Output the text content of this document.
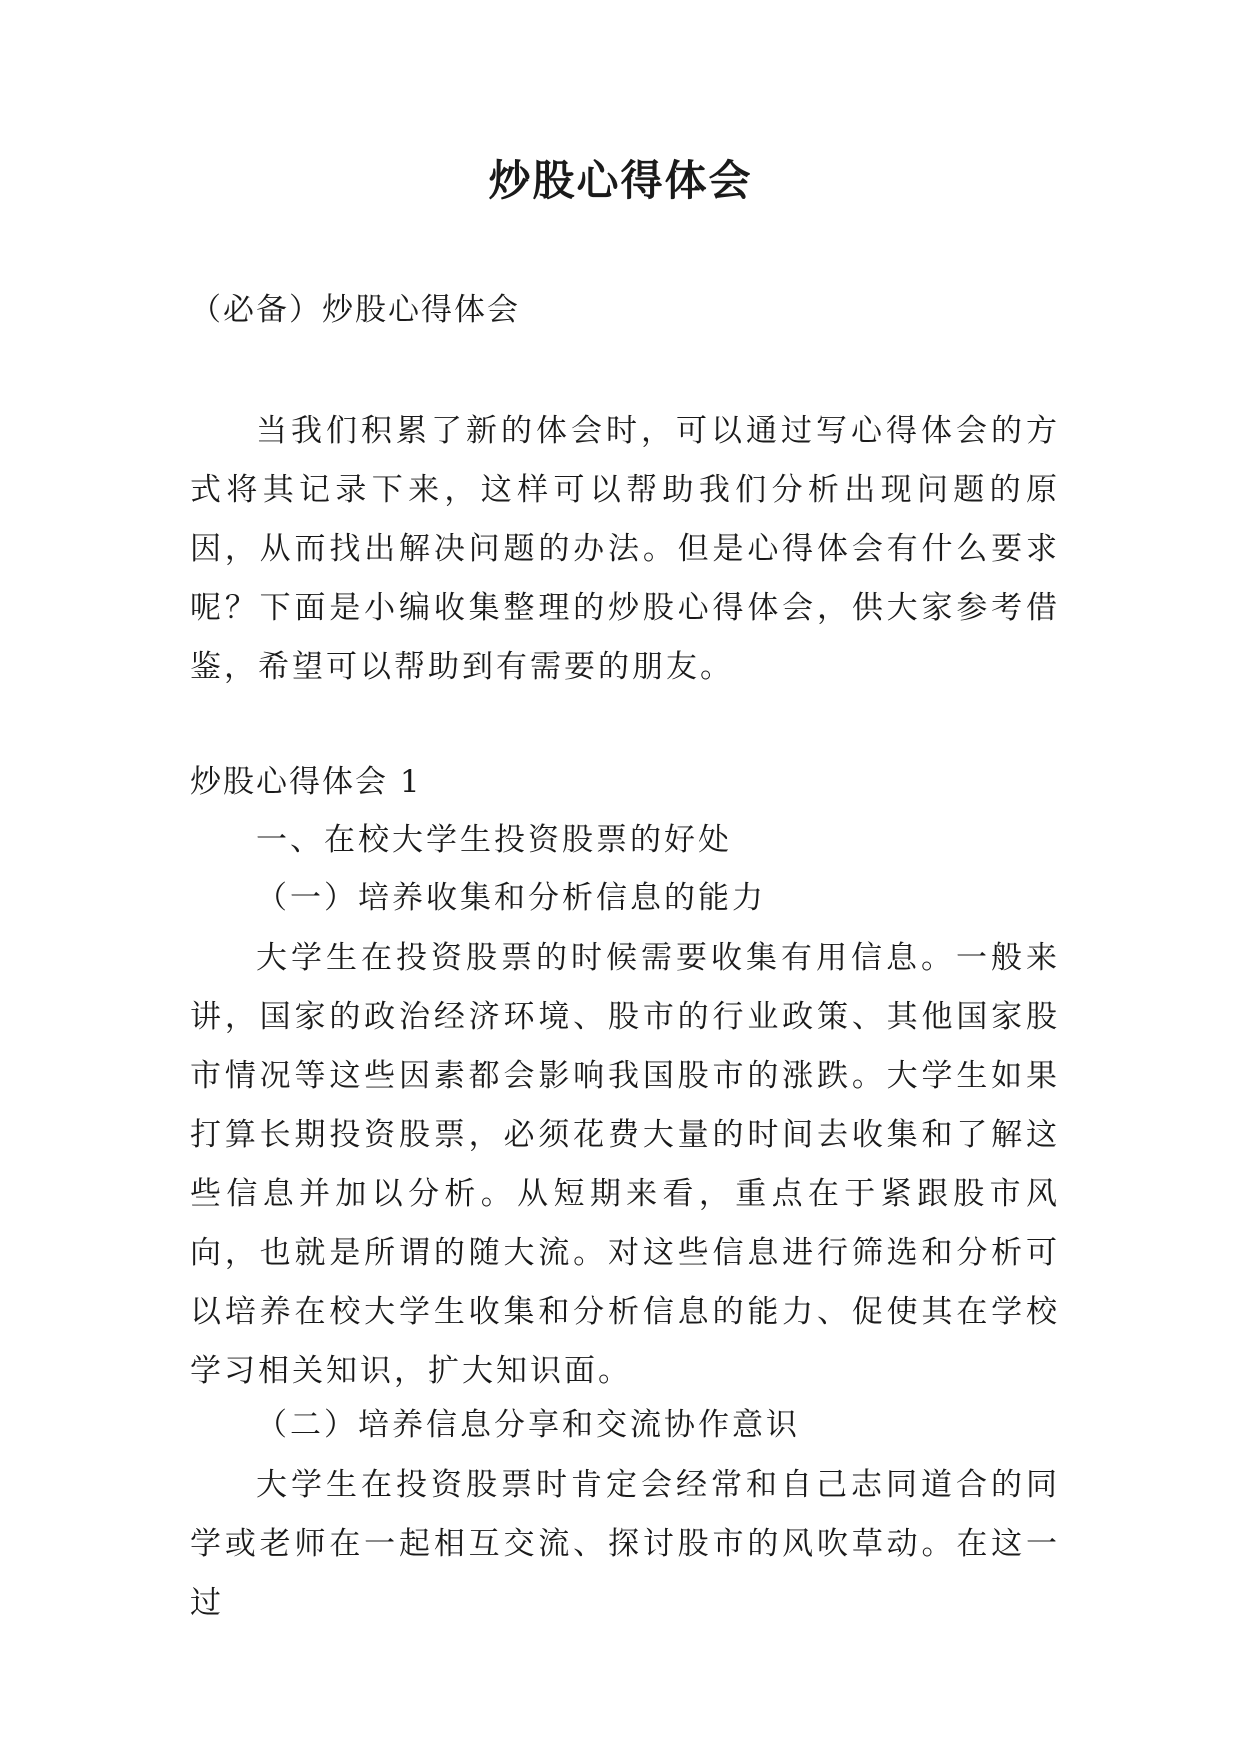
炒股心得体会

（必备）炒股心得体会

当我们积累了新的体会时，可以通过写心得体会的方式将其记录下来，这样可以帮助我们分析出现问题的原因，从而找出解决问题的办法。但是心得体会有什么要求呢？下面是小编收集整理的炒股心得体会，供大家参考借鉴，希望可以帮助到有需要的朋友。

炒股心得体会 1

一、在校大学生投资股票的好处

（一）培养收集和分析信息的能力

大学生在投资股票的时候需要收集有用信息。一般来讲，国家的政治经济环境、股市的行业政策、其他国家股市情况等这些因素都会影响我国股市的涨跌。大学生如果打算长期投资股票，必须花费大量的时间去收集和了解这些信息并加以分析。从短期来看，重点在于紧跟股市风向，也就是所谓的随大流。对这些信息进行筛选和分析可以培养在校大学生收集和分析信息的能力、促使其在学校学习相关知识，扩大知识面。

（二）培养信息分享和交流协作意识

大学生在投资股票时肯定会经常和自己志同道合的同学或老师在一起相互交流、探讨股市的风吹草动。在这一过
